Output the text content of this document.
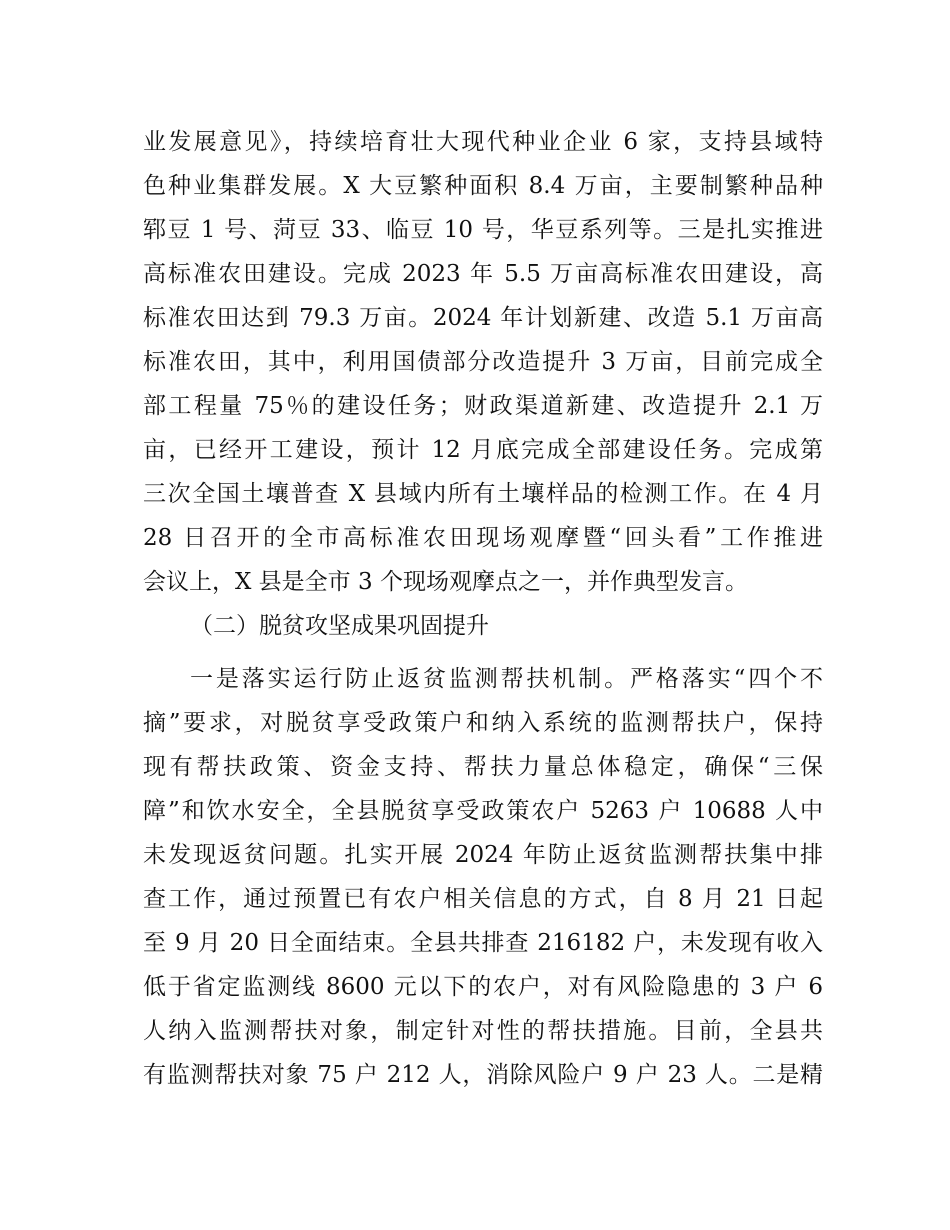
业发展意见》，持续培育壮大现代种业企业 6 家，支持县域特
色种业集群发展。X 大豆繁种面积 8.4 万亩，主要制繁种品种
郓豆 1 号、菏豆 33、临豆 10 号，华豆系列等。三是扎实推进
高标准农田建设。完成 2023 年 5.5 万亩高标准农田建设，高
标准农田达到 79.3 万亩。2024 年计划新建、改造 5.1 万亩高
标准农田，其中，利用国债部分改造提升 3 万亩，目前完成全
部工程量 75％的建设任务；财政渠道新建、改造提升 2.1 万
亩，已经开工建设，预计 12 月底完成全部建设任务。完成第
三次全国土壤普查 X 县域内所有土壤样品的检测工作。在 4 月
28 日召开的全市高标准农田现场观摩暨“回头看”工作推进
会议上，X 县是全市 3 个现场观摩点之一，并作典型发言。
（二）脱贫攻坚成果巩固提升
一是落实运行防止返贫监测帮扶机制。严格落实“四个不
摘”要求，对脱贫享受政策户和纳入系统的监测帮扶户，保持
现有帮扶政策、资金支持、帮扶力量总体稳定，确保“三保
障”和饮水安全，全县脱贫享受政策农户 5263 户 10688 人中
未发现返贫问题。扎实开展 2024 年防止返贫监测帮扶集中排
查工作，通过预置已有农户相关信息的方式，自 8 月 21 日起
至 9 月 20 日全面结束。全县共排查 216182 户，未发现有收入
低于省定监测线 8600 元以下的农户，对有风险隐患的 3 户 6
人纳入监测帮扶对象，制定针对性的帮扶措施。目前，全县共
有监测帮扶对象 75 户 212 人，消除风险户 9 户 23 人。二是精
